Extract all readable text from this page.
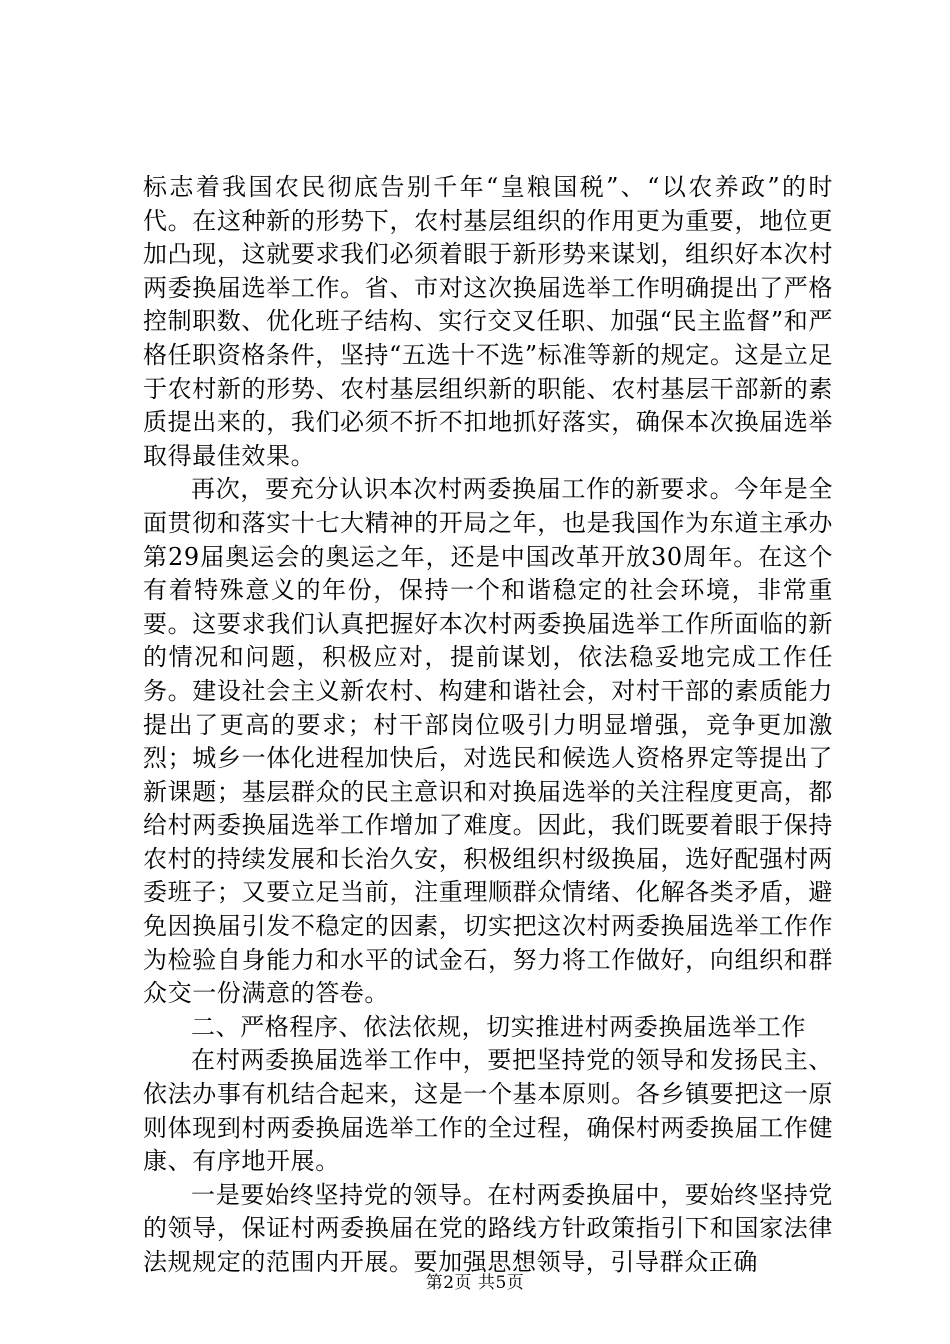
标志着我国农民彻底告别千年“皇粮国税”、“以农养政”的时代。在这种新的形势下，农村基层组织的作用更为重要，地位更加凸现，这就要求我们必须着眼于新形势来谋划，组织好本次村两委换届选举工作。省、市对这次换届选举工作明确提出了严格控制职数、优化班子结构、实行交叉任职、加强“民主监督”和严格任职资格条件，坚持“五选十不选”标准等新的规定。这是立足于农村新的形势、农村基层组织新的职能、农村基层干部新的素质提出来的，我们必须不折不扣地抓好落实，确保本次换届选举取得最佳效果。

再次，要充分认识本次村两委换届工作的新要求。今年是全面贯彻和落实十七大精神的开局之年，也是我国作为东道主承办第29届奥运会的奥运之年，还是中国改革开放30周年。在这个有着特殊意义的年份，保持一个和谐稳定的社会环境，非常重要。这要求我们认真把握好本次村两委换届选举工作所面临的新的情况和问题，积极应对，提前谋划，依法稳妥地完成工作任务。建设社会主义新农村、构建和谐社会，对村干部的素质能力提出了更高的要求；村干部岗位吸引力明显增强，竞争更加激烈；城乡一体化进程加快后，对选民和候选人资格界定等提出了新课题；基层群众的民主意识和对换届选举的关注程度更高，都给村两委换届选举工作增加了难度。因此，我们既要着眼于保持农村的持续发展和长治久安，积极组织村级换届，选好配强村两委班子；又要立足当前，注重理顺群众情绪、化解各类矛盾，避免因换届引发不稳定的因素，切实把这次村两委换届选举工作作为检验自身能力和水平的试金石，努力将工作做好，向组织和群众交一份满意的答卷。

二、严格程序、依法依规，切实推进村两委换届选举工作

在村两委换届选举工作中，要把坚持党的领导和发扬民主、依法办事有机结合起来，这是一个基本原则。各乡镇要把这一原则体现到村两委换届选举工作的全过程，确保村两委换届工作健康、有序地开展。

一是要始终坚持党的领导。在村两委换届中，要始终坚持党的领导，保证村两委换届在党的路线方针政策指引下和国家法律法规规定的范围内开展。要加强思想领导，引导群众正确

第2页 共5页
